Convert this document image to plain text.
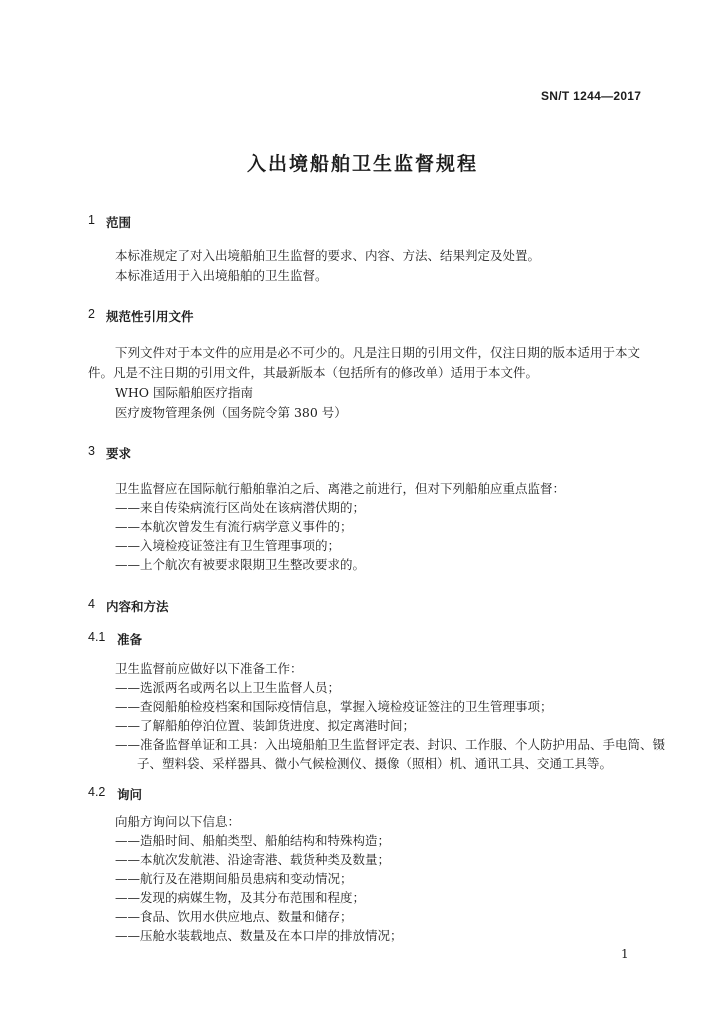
SN/T 1244—2017
入出境船舶卫生监督规程
1 范围
本标准规定了对入出境船舶卫生监督的要求、内容、方法、结果判定及处置。
本标准适用于入出境船舶的卫生监督。
2 规范性引用文件
下列文件对于本文件的应用是必不可少的。凡是注日期的引用文件，仅注日期的版本适用于本文
件。凡是不注日期的引用文件，其最新版本（包括所有的修改单）适用于本文件。
WHO 国际船舶医疗指南
医疗废物管理条例（国务院令第 380 号）
3 要求
卫生监督应在国际航行船舶靠泊之后、离港之前进行，但对下列船舶应重点监督：
——来自传染病流行区尚处在该病潜伏期的；
——本航次曾发生有流行病学意义事件的；
——入境检疫证签注有卫生管理事项的；
——上个航次有被要求限期卫生整改要求的。
4 内容和方法
4.1 准备
卫生监督前应做好以下准备工作：
——选派两名或两名以上卫生监督人员；
——查阅船舶检疫档案和国际疫情信息，掌握入境检疫证签注的卫生管理事项；
——了解船舶停泊位置、装卸货进度、拟定离港时间；
——准备监督单证和工具：入出境船舶卫生监督评定表、封识、工作服、个人防护用品、手电筒、镊
子、塑料袋、采样器具、微小气候检测仪、摄像（照相）机、通讯工具、交通工具等。
4.2 询问
向船方询问以下信息：
——造船时间、船舶类型、船舶结构和特殊构造；
——本航次发航港、沿途寄港、载货种类及数量；
——航行及在港期间船员患病和变动情况；
——发现的病媒生物，及其分布范围和程度；
——食品、饮用水供应地点、数量和储存；
——压舱水装载地点、数量及在本口岸的排放情况；
1
